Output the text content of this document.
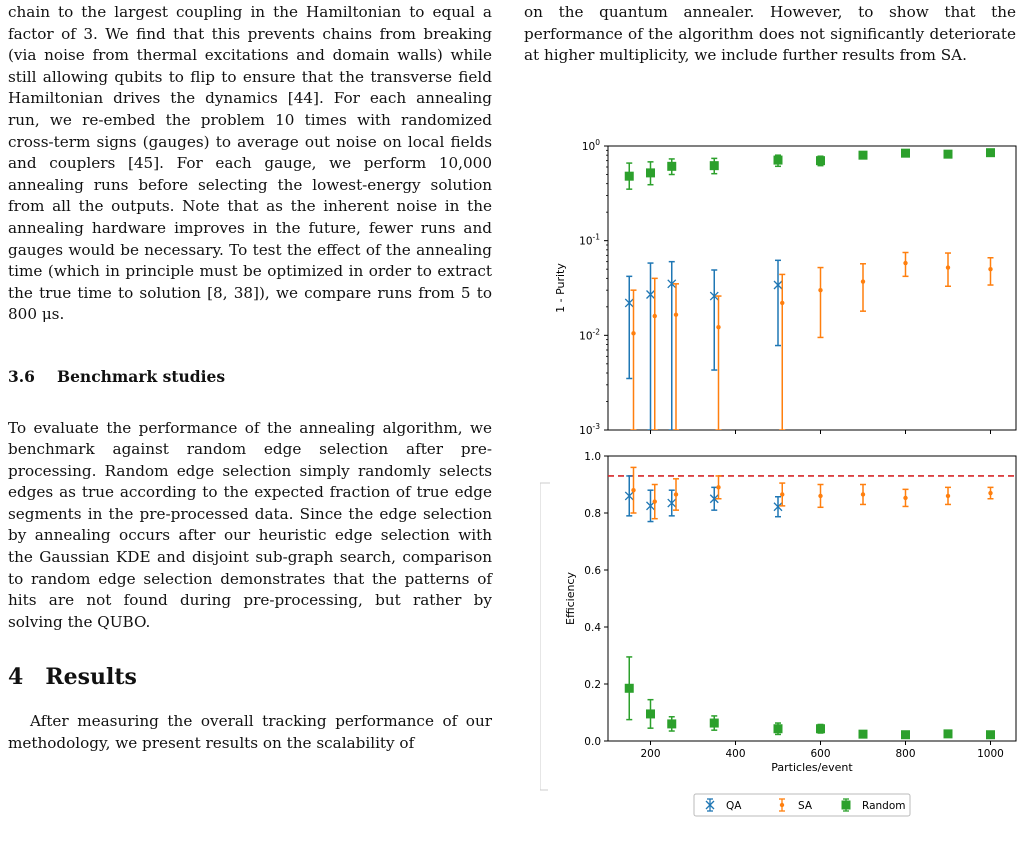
chain to the largest coupling in the Hamiltonian to equal a factor of 3. We find that this prevents chains from breaking (via noise from thermal excitations and domain walls) while still allowing qubits to flip to ensure that the transverse field Hamiltonian drives the dynamics [44]. For each annealing run, we re-embed the problem 10 times with randomized cross-term signs (gauges) to average out noise on local fields and couplers [45]. For each gauge, we perform 10,000 annealing runs before selecting the lowest-energy solution from all the outputs. Note that as the inherent noise in the annealing hardware improves in the future, fewer runs and gauges would be necessary. To test the effect of the annealing time (which in principle must be optimized in order to extract the true time to solution [8, 38]), we compare runs from 5 to 800 μs.

3.6 Benchmark studies

To evaluate the performance of the annealing algorithm, we benchmark against random edge selection after pre-processing. Random edge selection simply randomly selects edges as true according to the expected fraction of true edge segments in the pre-processed data. Since the edge selection by annealing occurs after our heuristic edge selection with the Gaussian KDE and disjoint sub-graph search, comparison to random edge selection demonstrates that the patterns of hits are not found during pre-processing, but rather by solving the QUBO.

4 Results

After measuring the overall tracking performance of our methodology, we present results on the scalability of

on the quantum annealer. However, to show that the performance of the algorithm does not significantly deteriorate at higher multiplicity, we include further results from SA.

$10^0$
$10^{-1}$
$10^{-2}$
$10^{-3}$
1 - Purity
0.0
0.2
0.4
0.6
0.8
1.0
200	400	600	800	1000
Particles/event
Efficiency
QA	SA	Random
